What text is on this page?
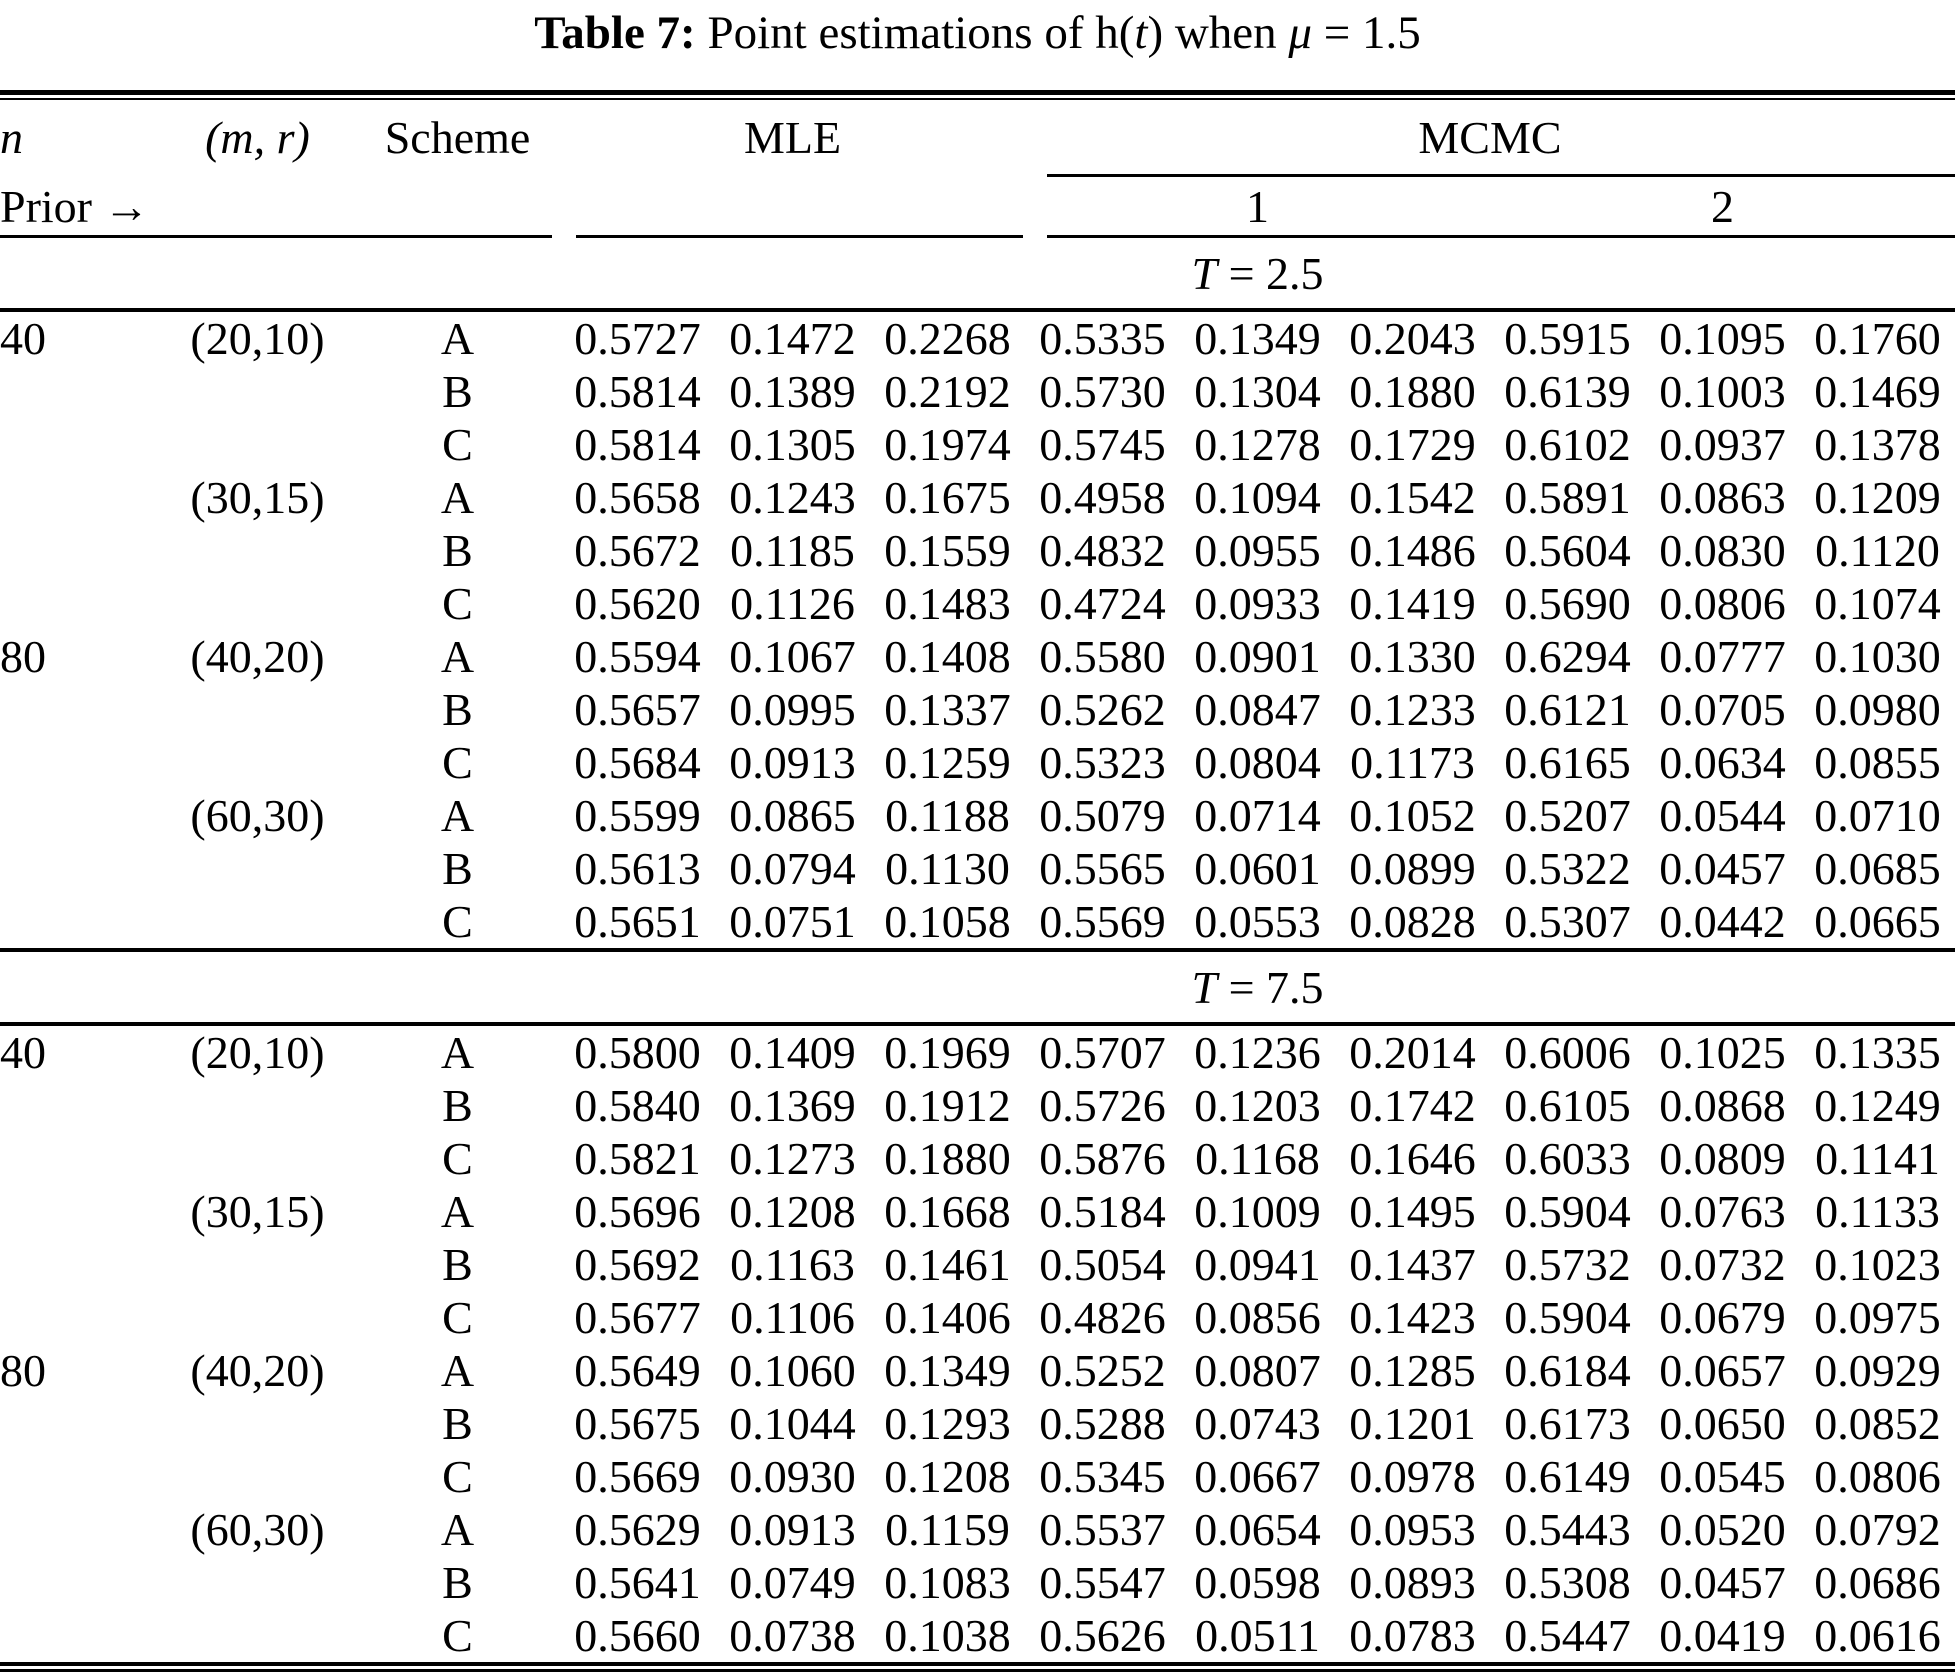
Table 7: Point estimations of h(t) when μ = 1.5

n	(m, r)	Scheme	MLE			MCMC					

Prior →						1			2		

			T = 2.5								

40	(20,10)	A	0.5727	0.1472	0.2268	0.5335	0.1349	0.2043	0.5915	0.1095	0.1760
		B	0.5814	0.1389	0.2192	0.5730	0.1304	0.1880	0.6139	0.1003	0.1469
		C	0.5814	0.1305	0.1974	0.5745	0.1278	0.1729	0.6102	0.0937	0.1378
	(30,15)	A	0.5658	0.1243	0.1675	0.4958	0.1094	0.1542	0.5891	0.0863	0.1209
		B	0.5672	0.1185	0.1559	0.4832	0.0955	0.1486	0.5604	0.0830	0.1120
		C	0.5620	0.1126	0.1483	0.4724	0.0933	0.1419	0.5690	0.0806	0.1074
80	(40,20)	A	0.5594	0.1067	0.1408	0.5580	0.0901	0.1330	0.6294	0.0777	0.1030
		B	0.5657	0.0995	0.1337	0.5262	0.0847	0.1233	0.6121	0.0705	0.0980
		C	0.5684	0.0913	0.1259	0.5323	0.0804	0.1173	0.6165	0.0634	0.0855
	(60,30)	A	0.5599	0.0865	0.1188	0.5079	0.0714	0.1052	0.5207	0.0544	0.0710
		B	0.5613	0.0794	0.1130	0.5565	0.0601	0.0899	0.5322	0.0457	0.0685
		C	0.5651	0.0751	0.1058	0.5569	0.0553	0.0828	0.5307	0.0442	0.0665

			T = 7.5								

40	(20,10)	A	0.5800	0.1409	0.1969	0.5707	0.1236	0.2014	0.6006	0.1025	0.1335
		B	0.5840	0.1369	0.1912	0.5726	0.1203	0.1742	0.6105	0.0868	0.1249
		C	0.5821	0.1273	0.1880	0.5876	0.1168	0.1646	0.6033	0.0809	0.1141
	(30,15)	A	0.5696	0.1208	0.1668	0.5184	0.1009	0.1495	0.5904	0.0763	0.1133
		B	0.5692	0.1163	0.1461	0.5054	0.0941	0.1437	0.5732	0.0732	0.1023
		C	0.5677	0.1106	0.1406	0.4826	0.0856	0.1423	0.5904	0.0679	0.0975
80	(40,20)	A	0.5649	0.1060	0.1349	0.5252	0.0807	0.1285	0.6184	0.0657	0.0929
		B	0.5675	0.1044	0.1293	0.5288	0.0743	0.1201	0.6173	0.0650	0.0852
		C	0.5669	0.0930	0.1208	0.5345	0.0667	0.0978	0.6149	0.0545	0.0806
	(60,30)	A	0.5629	0.0913	0.1159	0.5537	0.0654	0.0953	0.5443	0.0520	0.0792
		B	0.5641	0.0749	0.1083	0.5547	0.0598	0.0893	0.5308	0.0457	0.0686
		C	0.5660	0.0738	0.1038	0.5626	0.0511	0.0783	0.5447	0.0419	0.0616
